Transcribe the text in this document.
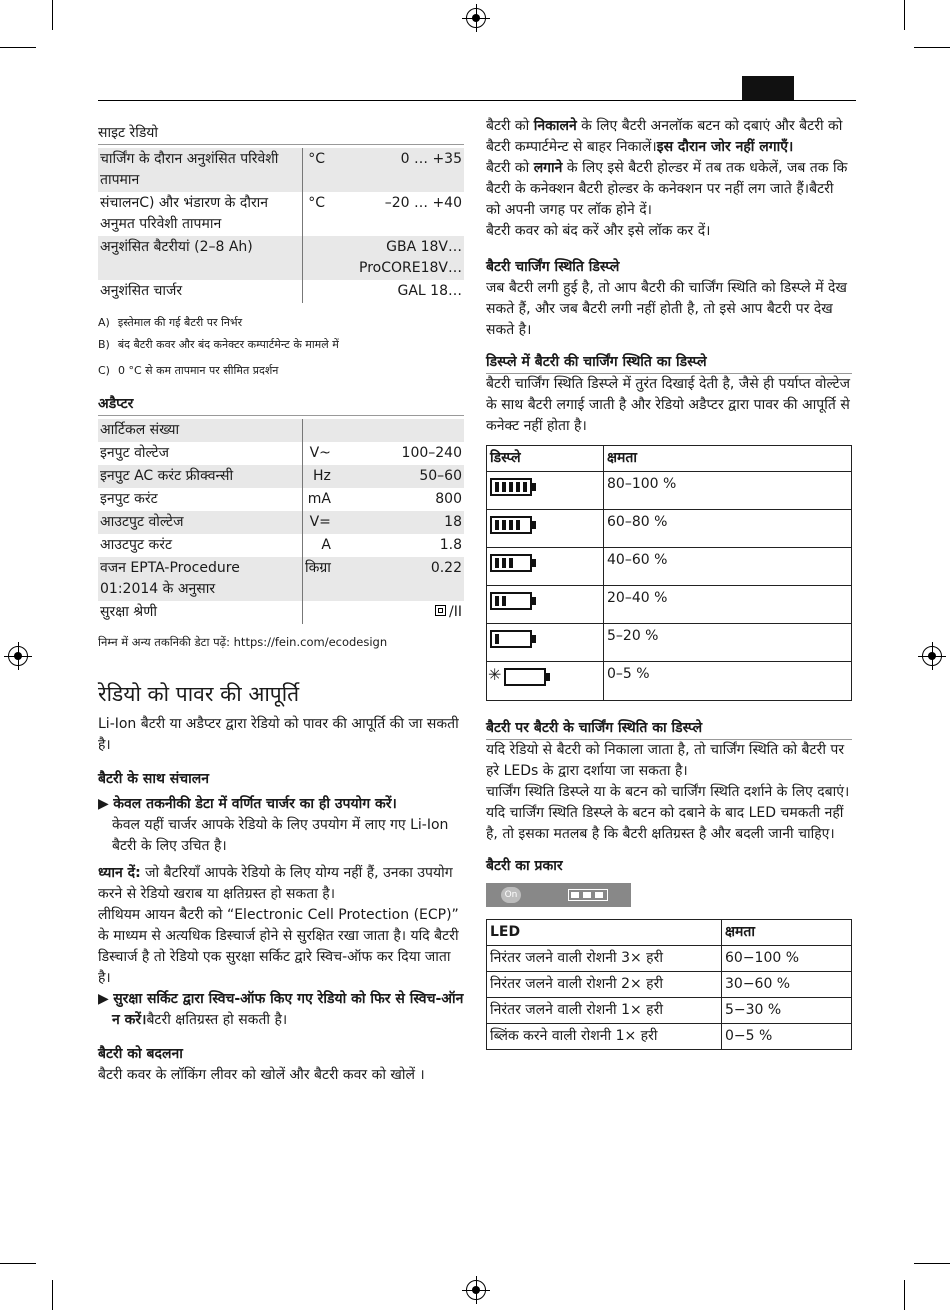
साइट रेडियो
चार्जिंग के दौरान अनुशंसित परिवेशी तापमान	°C	0 … +35
संचालनC) और भंडारण के दौरान अनुमत परिवेशी तापमान	°C	–20 … +40
अनुशंसित बैटरीयां (2–8 Ah)		GBA 18V… ProCORE18V…
अनुशंसित चार्जर		GAL 18…
A) इस्तेमाल की गई बैटरी पर निर्भर
B) बंद बैटरी कवर और बंद कनेक्टर कम्पार्टमेन्ट के मामले में
C) 0 °C से कम तापमान पर सीमित प्रदर्शन
अडैप्टर
आर्टिकल संख्या		
इनपुट वोल्टेज	V~	100–240
इनपुट AC करंट फ्रीक्वन्सी	Hz	50–60
इनपुट करंट	mA	800
आउटपुट वोल्टेज	V=	18
आउटपुट करंट	A	1.8
वजन EPTA-Procedure 01:2014 के अनुसार	किग्रा	0.22
सुरक्षा श्रेणी		/II

निम्न में अन्य तकनिकी डेटा पढ़ें: https://fein.com/ecodesign

रेडियो को पावर की आपूर्ति

Li-Ion बैटरी या अडैप्टर द्वारा रेडियो को पावर की आपूर्ति की जा सकती है।

बैटरी के साथ संचालन

▶ केवल तकनीकी डेटा में वर्णित चार्जर का ही उपयोग करें।

केवल यहीं चार्जर आपके रेडियो के लिए उपयोग में लाए गए Li-Ion बैटरी के लिए उचित है।

ध्यान दें: जो बैटरियाँ आपके रेडियो के लिए योग्य नहीं हैं, उनका उपयोग करने से रेडियो खराब या क्षतिग्रस्त हो सकता है।

लीथियम आयन बैटरी को “Electronic Cell Protection (ECP)” के माध्यम से अत्यधिक डिस्चार्ज होने से सुरक्षित रखा जाता है। यदि बैटरी डिस्चार्ज है तो रेडियो एक सुरक्षा सर्किट द्वारे स्विच-ऑफ कर दिया जाता है।

▶ सुरक्षा सर्किट द्वारा स्विच-ऑफ किए गए रेडियो को फिर से स्विच-ऑन न करें।बैटरी क्षतिग्रस्त हो सकती है।

बैटरी को बदलना

बैटरी कवर के लॉकिंग लीवर को खोलें और बैटरी कवर को खोलें ।

बैटरी को निकालने के लिए बैटरी अनलॉक बटन को दबाएं और बैटरी को बैटरी कम्पार्टमेन्ट से बाहर निकालें।इस दौरान जोर नहीं लगाएँ।

बैटरी को लगाने के लिए इसे बैटरी होल्डर में तब तक धकेलें, जब तक कि बैटरी के कनेक्शन बैटरी होल्डर के कनेक्शन पर नहीं लग जाते हैं।बैटरी को अपनी जगह पर लॉक होने दें।

बैटरी कवर को बंद करें और इसे लॉक कर दें।

बैटरी चार्जिंग स्थिति डिस्प्ले

जब बैटरी लगी हुई है, तो आप बैटरी की चार्जिंग स्थिति को डिस्प्ले में देख सकते हैं, और जब बैटरी लगी नहीं होती है, तो इसे आप बैटरी पर देख सकते है।

डिस्प्ले में बैटरी की चार्जिंग स्थिति का डिस्प्ले

बैटरी चार्जिंग स्थिति डिस्प्ले में तुरंत दिखाई देती है, जैसे ही पर्याप्त वोल्टेज के साथ बैटरी लगाई जाती है और रेडियो अडैप्टर द्वारा पावर की आपूर्ति से कनेक्ट नहीं होता है।

डिस्प्ले	क्षमता

	80–100 %

	60–80 %

	40–60 %

	20–40 %

	5–20 %

✳	0–5 %
बैटरी पर बैटरी के चार्जिंग स्थिति का डिस्प्ले

यदि रेडियो से बैटरी को निकाला जाता है, तो चार्जिंग स्थिति को बैटरी पर हरे LEDs के द्वारा दर्शाया जा सकता है।

चार्जिंग स्थिति डिस्प्ले या के बटन को चार्जिंग स्थिति दर्शाने के लिए दबाएं।

यदि चार्जिंग स्थिति डिस्प्ले के बटन को दबाने के बाद LED चमकती नहीं है, तो इसका मतलब है कि बैटरी क्षतिग्रस्त है और बदली जानी चाहिए।

बैटरी का प्रकार
On
LED	क्षमता
निरंतर जलने वाली रोशनी 3× हरी	60−100 %
निरंतर जलने वाली रोशनी 2× हरी	30−60 %
निरंतर जलने वाली रोशनी 1× हरी	5−30 %
ब्लिंक करने वाली रोशनी 1× हरी	0−5 %
